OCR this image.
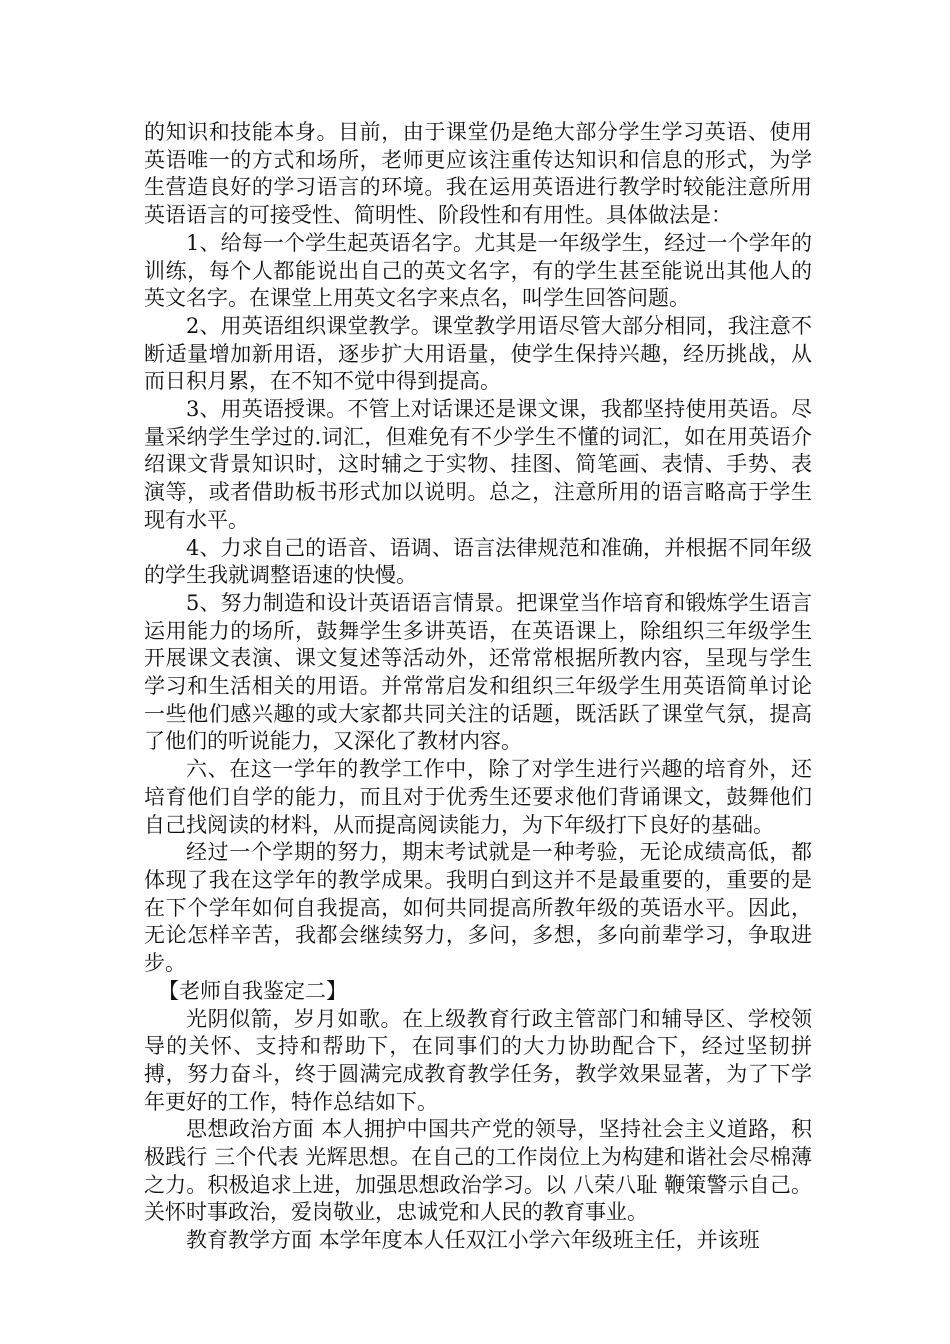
的知识和技能本身。目前，由于课堂仍是绝大部分学生学习英语、使用英语唯一的方式和场所，老师更应该注重传达知识和信息的形式，为学生营造良好的学习语言的环境。我在运用英语进行教学时较能注意所用英语语言的可接受性、简明性、阶段性和有用性。具体做法是：

1、给每一个学生起英语名字。尤其是一年级学生，经过一个学年的训练，每个人都能说出自己的英文名字，有的学生甚至能说出其他人的英文名字。在课堂上用英文名字来点名，叫学生回答问题。

2、用英语组织课堂教学。课堂教学用语尽管大部分相同，我注意不断适量增加新用语，逐步扩大用语量，使学生保持兴趣，经历挑战，从而日积月累，在不知不觉中得到提高。

3、用英语授课。不管上对话课还是课文课，我都坚持使用英语。尽量采纳学生学过的.词汇，但难免有不少学生不懂的词汇，如在用英语介绍课文背景知识时，这时辅之于实物、挂图、简笔画、表情、手势、表演等，或者借助板书形式加以说明。总之，注意所用的语言略高于学生现有水平。

4、力求自己的语音、语调、语言法律规范和准确，并根据不同年级的学生我就调整语速的快慢。

5、努力制造和设计英语语言情景。把课堂当作培育和锻炼学生语言运用能力的场所，鼓舞学生多讲英语，在英语课上，除组织三年级学生开展课文表演、课文复述等活动外，还常常根据所教内容，呈现与学生学习和生活相关的用语。并常常启发和组织三年级学生用英语简单讨论一些他们感兴趣的或大家都共同关注的话题，既活跃了课堂气氛，提高了他们的听说能力，又深化了教材内容。

六、在这一学年的教学工作中，除了对学生进行兴趣的培育外，还培育他们自学的能力，而且对于优秀生还要求他们背诵课文，鼓舞他们自己找阅读的材料，从而提高阅读能力，为下年级打下良好的基础。

经过一个学期的努力，期末考试就是一种考验，无论成绩高低，都体现了我在这学年的教学成果。我明白到这并不是最重要的，重要的是在下个学年如何自我提高，如何共同提高所教年级的英语水平。因此，无论怎样辛苦，我都会继续努力，多问，多想，多向前辈学习，争取进步。

【老师自我鉴定二】

光阴似箭，岁月如歌。在上级教育行政主管部门和辅导区、学校领导的关怀、支持和帮助下，在同事们的大力协助配合下，经过坚韧拼搏，努力奋斗，终于圆满完成教育教学任务，教学效果显著，为了下学年更好的工作，特作总结如下。

思想政治方面 本人拥护中国共产党的领导，坚持社会主义道路，积极践行 三个代表 光辉思想。在自己的工作岗位上为构建和谐社会尽棉薄之力。积极追求上进，加强思想政治学习。以 八荣八耻 鞭策警示自己。关怀时事政治，爱岗敬业，忠诚党和人民的教育事业。

教育教学方面 本学年度本人任双江小学六年级班主任，并该班
